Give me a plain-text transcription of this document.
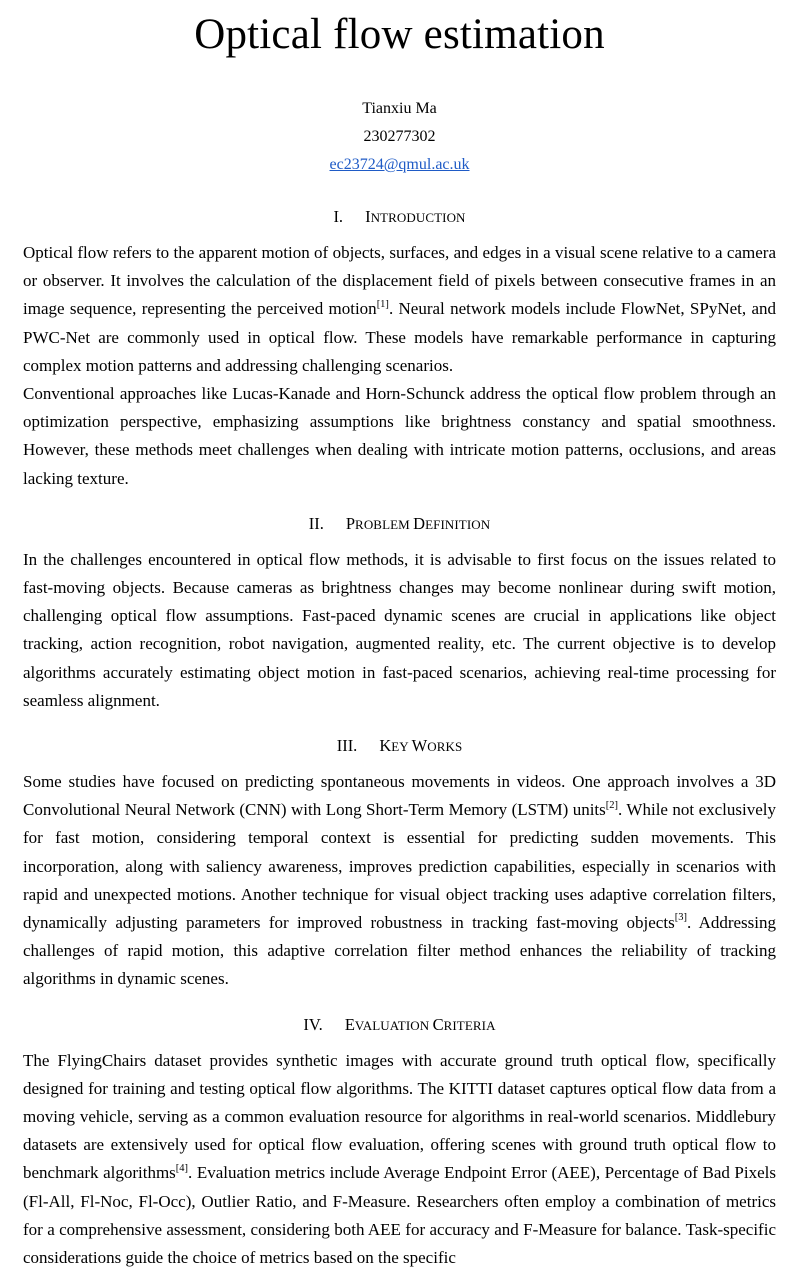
Optical flow estimation
Tianxiu Ma
230277302
ec23724@qmul.ac.uk
I. INTRODUCTION

Optical flow refers to the apparent motion of objects, surfaces, and edges in a visual scene relative to a camera or observer. It involves the calculation of the displacement field of pixels between consecutive frames in an image sequence, representing the perceived motion[1]. Neural network models include FlowNet, SPyNet, and PWC-Net are commonly used in optical flow. These models have remarkable performance in capturing complex motion patterns and addressing challenging scenarios.

Conventional approaches like Lucas-Kanade and Horn-Schunck address the optical flow problem through an optimization perspective, emphasizing assumptions like brightness constancy and spatial smoothness. However, these methods meet challenges when dealing with intricate motion patterns, occlusions, and areas lacking texture.

II. PROBLEM DEFINITION

In the challenges encountered in optical flow methods, it is advisable to first focus on the issues related to fast-moving objects. Because cameras as brightness changes may become nonlinear during swift motion, challenging optical flow assumptions. Fast-paced dynamic scenes are crucial in applications like object tracking, action recognition, robot navigation, augmented reality, etc. The current objective is to develop algorithms accurately estimating object motion in fast-paced scenarios, achieving real-time processing for seamless alignment.

III. KEY WORKS

Some studies have focused on predicting spontaneous movements in videos. One approach involves a 3D Convolutional Neural Network (CNN) with Long Short-Term Memory (LSTM) units[2]. While not exclusively for fast motion, considering temporal context is essential for predicting sudden movements. This incorporation, along with saliency awareness, improves prediction capabilities, especially in scenarios with rapid and unexpected motions. Another technique for visual object tracking uses adaptive correlation filters, dynamically adjusting parameters for improved robustness in tracking fast-moving objects[3]. Addressing challenges of rapid motion, this adaptive correlation filter method enhances the reliability of tracking algorithms in dynamic scenes.

IV. EVALUATION CRITERIA

The FlyingChairs dataset provides synthetic images with accurate ground truth optical flow, specifically designed for training and testing optical flow algorithms. The KITTI dataset captures optical flow data from a moving vehicle, serving as a common evaluation resource for algorithms in real-world scenarios. Middlebury datasets are extensively used for optical flow evaluation, offering scenes with ground truth optical flow to benchmark algorithms[4]. Evaluation metrics include Average Endpoint Error (AEE), Percentage of Bad Pixels (Fl-All, Fl-Noc, Fl-Occ), Outlier Ratio, and F-Measure. Researchers often employ a combination of metrics for a comprehensive assessment, considering both AEE for accuracy and F-Measure for balance. Task-specific considerations guide the choice of metrics based on the specific
